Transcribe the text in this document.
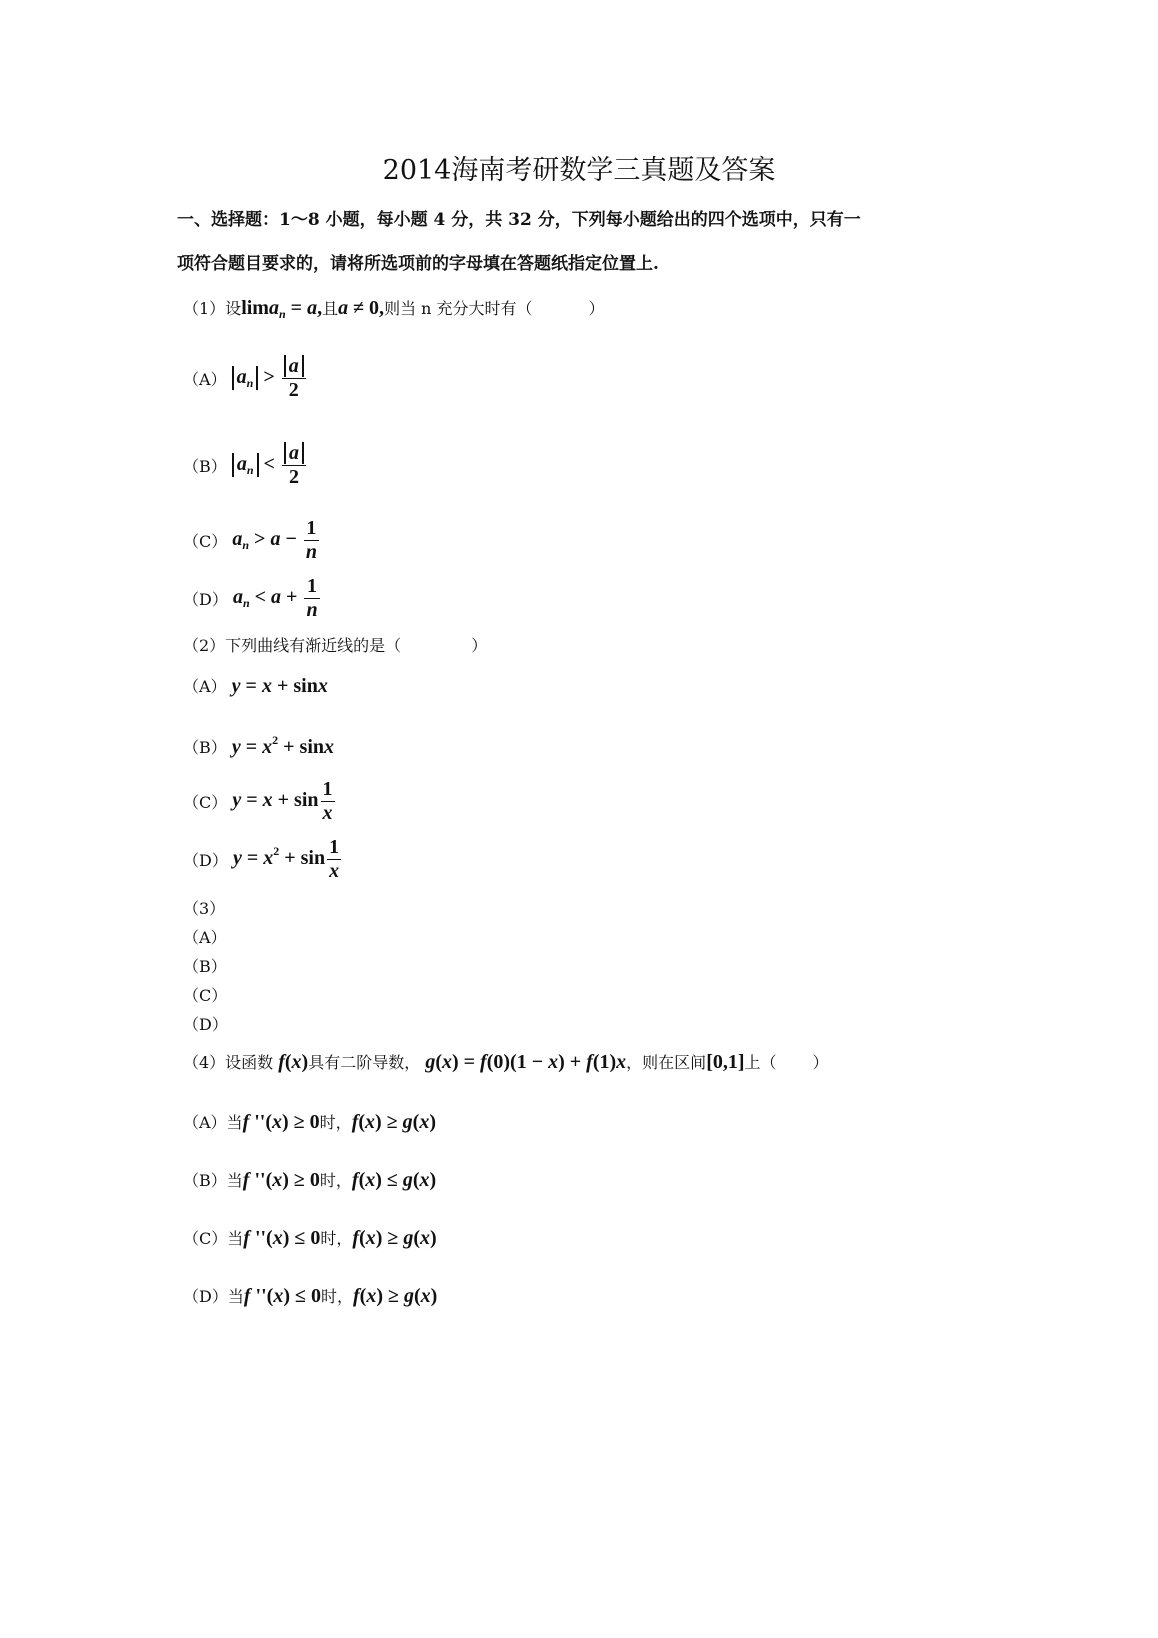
2014海南考研数学三真题及答案
一、选择题：1～8 小题，每小题 4 分，共 32 分，下列每小题给出的四个选项中，只有一
项符合题目要求的，请将所选项前的字母填在答题纸指定位置上.
（1）设lima$_n$ = a,且a ≠ 0,则当 n 充分大时有（	）
（A） $a_n > \frac{a}{2}$
（B） $a_n < \frac{a}{2}$
（C） $a_n > a - \frac{1}{n}$
（D） $a_n < a + \frac{1}{n}$
（2）下列曲线有渐近线的是（	）
（A） y = x + sinx
（B） $y = x^2 + \sin x$
（C） $y = x + \sin \frac{1}{x}$
（D） $y = x^2 + \sin \frac{1}{x}$
（3）
（A）
（B）
（C）
（D）
（4）设函数 f(x)具有二阶导数， g(x) = f(0)(1 − x) + f(1)x，则在区间[0,1]上（ ）
（A）当f ''(x) ≥ 0时，f(x) ≥ g(x)
（B）当f ''(x) ≥ 0时，f(x) ≤ g(x)
（C）当f ''(x) ≤ 0时，f(x) ≥ g(x)
（D）当f ''(x) ≤ 0时，f(x) ≥ g(x)
